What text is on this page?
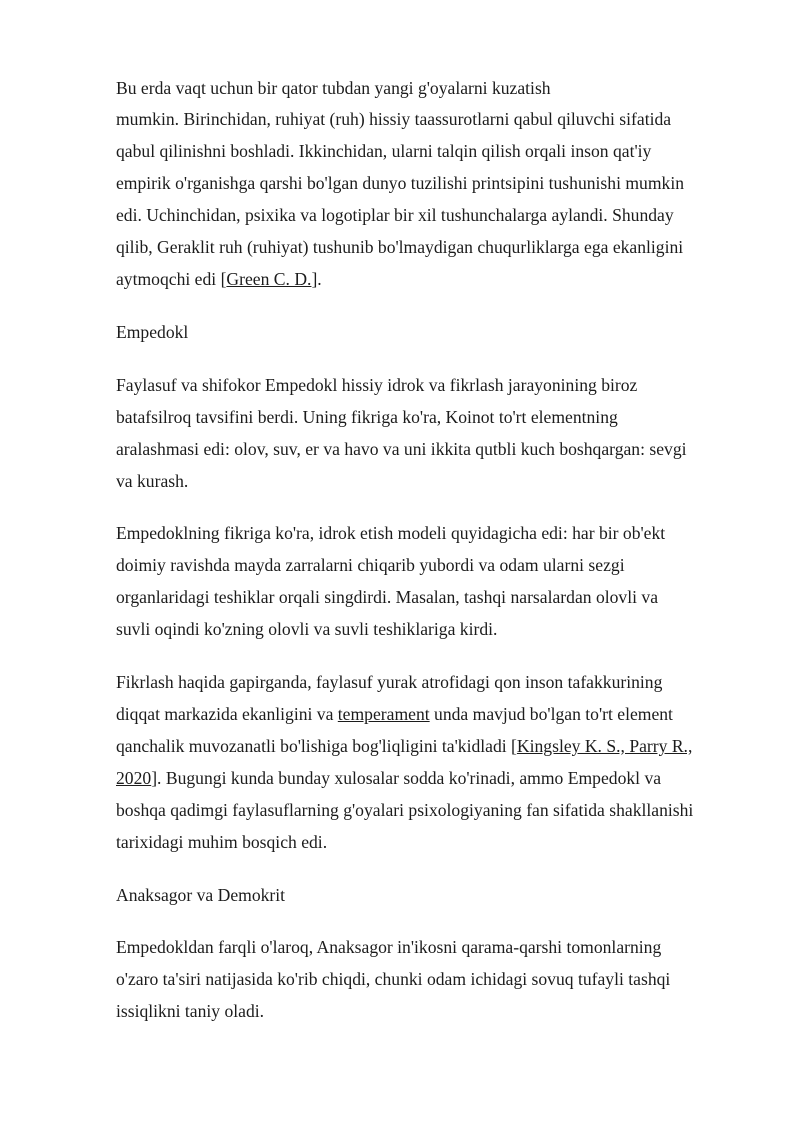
Bu erda vaqt uchun bir qator tubdan yangi g'oyalarni kuzatish

mumkin. Birinchidan, ruhiyat (ruh) hissiy taassurotlarni qabul qiluvchi sifatida

qabul qilinishni boshladi. Ikkinchidan, ularni talqin qilish orqali inson qat'iy

empirik o'rganishga qarshi bo'lgan dunyo tuzilishi printsipini tushunishi mumkin

edi. Uchinchidan, psixika va logotiplar bir xil tushunchalarga aylandi. Shunday

qilib, Geraklit ruh (ruhiyat) tushunib bo'lmaydigan chuqurliklarga ega ekanligini

aytmoqchi edi [Green C. D.].

Empedokl

Faylasuf va shifokor Empedokl hissiy idrok va fikrlash jarayonining biroz

batafsilroq tavsifini berdi. Uning fikriga ko'ra, Koinot to'rt elementning

aralashmasi edi: olov, suv, er va havo va uni ikkita qutbli kuch boshqargan: sevgi

va kurash.

Empedoklning fikriga ko'ra, idrok etish modeli quyidagicha edi: har bir ob'ekt

doimiy ravishda mayda zarralarni chiqarib yubordi va odam ularni sezgi

organlaridagi teshiklar orqali singdirdi. Masalan, tashqi narsalardan olovli va

suvli oqindi ko'zning olovli va suvli teshiklariga kirdi.

Fikrlash haqida gapirganda, faylasuf yurak atrofidagi qon inson tafakkurining

diqqat markazida ekanligini va temperament unda mavjud bo'lgan to'rt element

qanchalik muvozanatli bo'lishiga bog'liqligini ta'kidladi [Kingsley K. S., Parry R.,

2020]. Bugungi kunda bunday xulosalar sodda ko'rinadi, ammo Empedokl va

boshqa qadimgi faylasuflarning g'oyalari psixologiyaning fan sifatida shakllanishi

tarixidagi muhim bosqich edi.

Anaksagor va Demokrit

Empedokldan farqli o'laroq, Anaksagor in'ikosni qarama-qarshi tomonlarning

o'zaro ta'siri natijasida ko'rib chiqdi, chunki odam ichidagi sovuq tufayli tashqi

issiqlikni taniy oladi.
